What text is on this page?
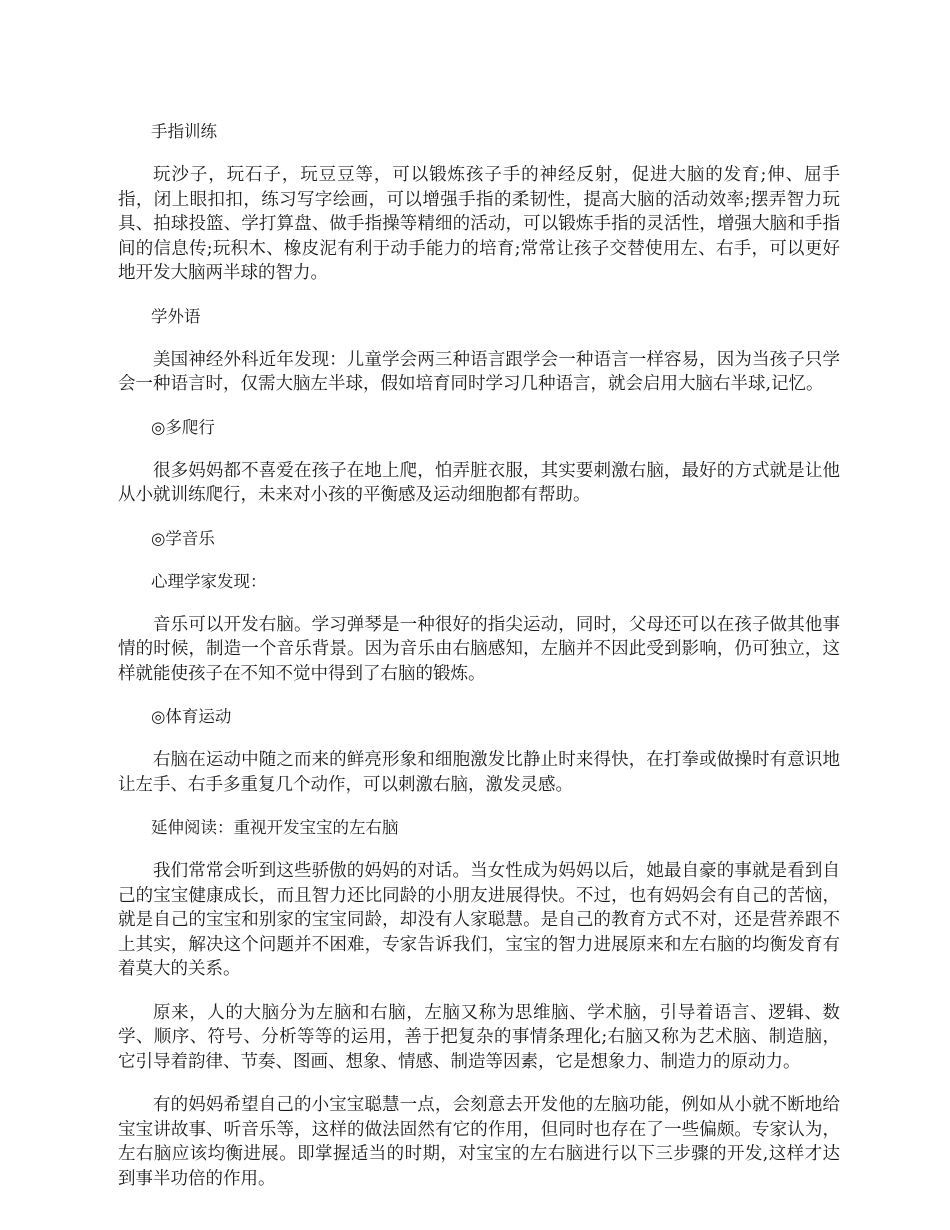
手指训练

玩沙子，玩石子，玩豆豆等，可以锻炼孩子手的神经反射，促进大脑的发育;伸、屈手指，闭上眼扣扣，练习写字绘画，可以增强手指的柔韧性，提高大脑的活动效率;摆弄智力玩具、拍球投篮、学打算盘、做手指操等精细的活动，可以锻炼手指的灵活性，增强大脑和手指间的信息传;玩积木、橡皮泥有利于动手能力的培育;常常让孩子交替使用左、右手，可以更好地开发大脑两半球的智力。

学外语

美国神经外科近年发现：儿童学会两三种语言跟学会一种语言一样容易，因为当孩子只学会一种语言时，仅需大脑左半球，假如培育同时学习几种语言，就会启用大脑右半球,记忆。

◎多爬行

很多妈妈都不喜爱在孩子在地上爬，怕弄脏衣服，其实要刺激右脑，最好的方式就是让他从小就训练爬行，未来对小孩的平衡感及运动细胞都有帮助。

◎学音乐

心理学家发现：

音乐可以开发右脑。学习弹琴是一种很好的指尖运动，同时，父母还可以在孩子做其他事情的时候，制造一个音乐背景。因为音乐由右脑感知，左脑并不因此受到影响，仍可独立，这样就能使孩子在不知不觉中得到了右脑的锻炼。

◎体育运动

右脑在运动中随之而来的鲜亮形象和细胞激发比静止时来得快，在打拳或做操时有意识地让左手、右手多重复几个动作，可以刺激右脑，激发灵感。

延伸阅读：重视开发宝宝的左右脑

我们常常会听到这些骄傲的妈妈的对话。当女性成为妈妈以后，她最自豪的事就是看到自己的宝宝健康成长，而且智力还比同龄的小朋友进展得快。不过，也有妈妈会有自己的苦恼，就是自己的宝宝和别家的宝宝同龄，却没有人家聪慧。是自己的教育方式不对，还是营养跟不上其实，解决这个问题并不困难，专家告诉我们，宝宝的智力进展原来和左右脑的均衡发育有着莫大的关系。

原来，人的大脑分为左脑和右脑，左脑又称为思维脑、学术脑，引导着语言、逻辑、数学、顺序、符号、分析等等的运用，善于把复杂的事情条理化;右脑又称为艺术脑、制造脑，它引导着韵律、节奏、图画、想象、情感、制造等因素，它是想象力、制造力的原动力。

有的妈妈希望自己的小宝宝聪慧一点，会刻意去开发他的左脑功能，例如从小就不断地给宝宝讲故事、听音乐等，这样的做法固然有它的作用，但同时也存在了一些偏颇。专家认为，左右脑应该均衡进展。即掌握适当的时期，对宝宝的左右脑进行以下三步骤的开发,这样才达到事半功倍的作用。
